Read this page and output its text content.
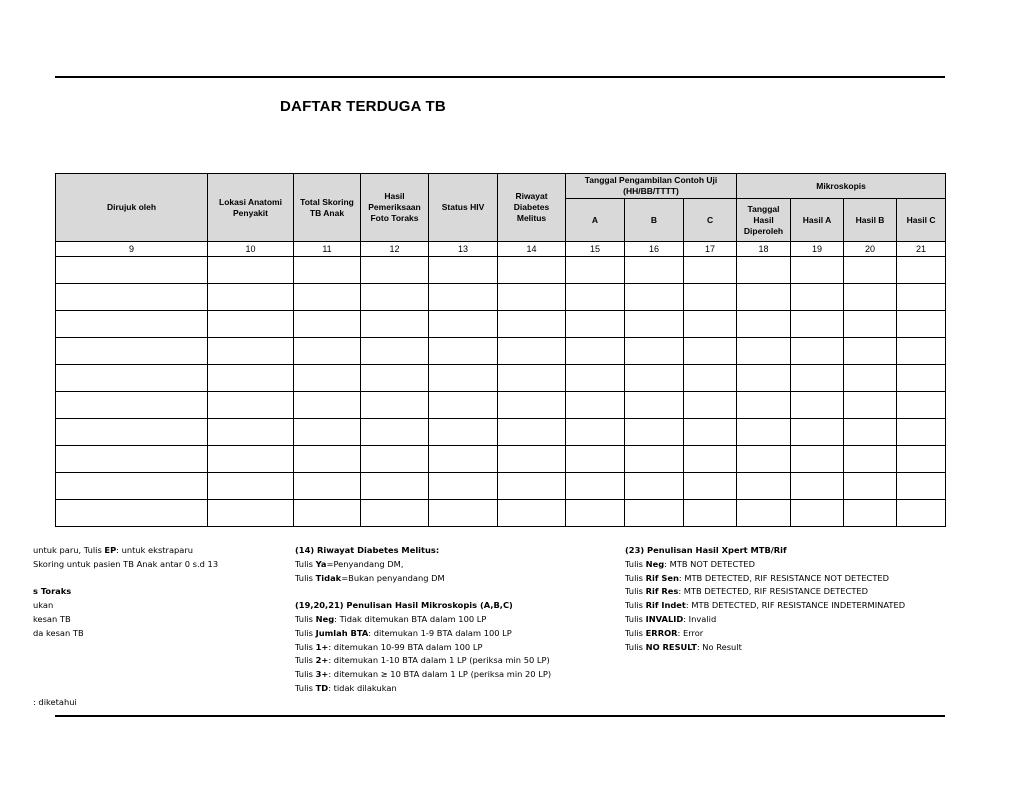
DAFTAR TERDUGA TB
Dirujuk oleh	Lokasi Anatomi Penyakit	Total Skoring TB Anak	Hasil Pemeriksaan Foto Toraks	Status HIV	Riwayat Diabetes Melitus	Tanggal Pengambilan Contoh Uji (HH/BB/TTTT)			Mikroskopis			
						A	B	C	Tanggal Hasil Diperoleh	Hasil A	Hasil B	Hasil C
9	10	11	12	13	14	15	16	17	18	19	20	21

untuk paru, Tulis EP: untuk ekstraparu
Skoring untuk pasien TB Anak antar 0 s.d 13
s Toraks
ukan
kesan TB
da kesan TB
: diketahui
(14) Riwayat Diabetes Melitus:
Tulis Ya=Penyandang DM,
Tulis Tidak=Bukan penyandang DM
(19,20,21) Penulisan Hasil Mikroskopis (A,B,C)
Tulis Neg: Tidak ditemukan BTA dalam 100 LP
Tulis Jumlah BTA: ditemukan 1-9 BTA dalam 100 LP
Tulis 1+: ditemukan 10-99 BTA dalam 100 LP
Tulis 2+: ditemukan 1-10 BTA dalam 1 LP (periksa min 50 LP)
Tulis 3+: ditemukan ≥ 10 BTA dalam 1 LP (periksa min 20 LP)
Tulis TD: tidak dilakukan
(23) Penulisan Hasil Xpert MTB/Rif
Tulis Neg: MTB NOT DETECTED
Tulis Rif Sen: MTB DETECTED, RIF RESISTANCE NOT DETECTED
Tulis Rif Res: MTB DETECTED, RIF RESISTANCE DETECTED
Tulis Rif Indet: MTB DETECTED, RIF RESISTANCE INDETERMINATED
Tulis INVALID: Invalid
Tulis ERROR: Error
Tulis NO RESULT: No Result
